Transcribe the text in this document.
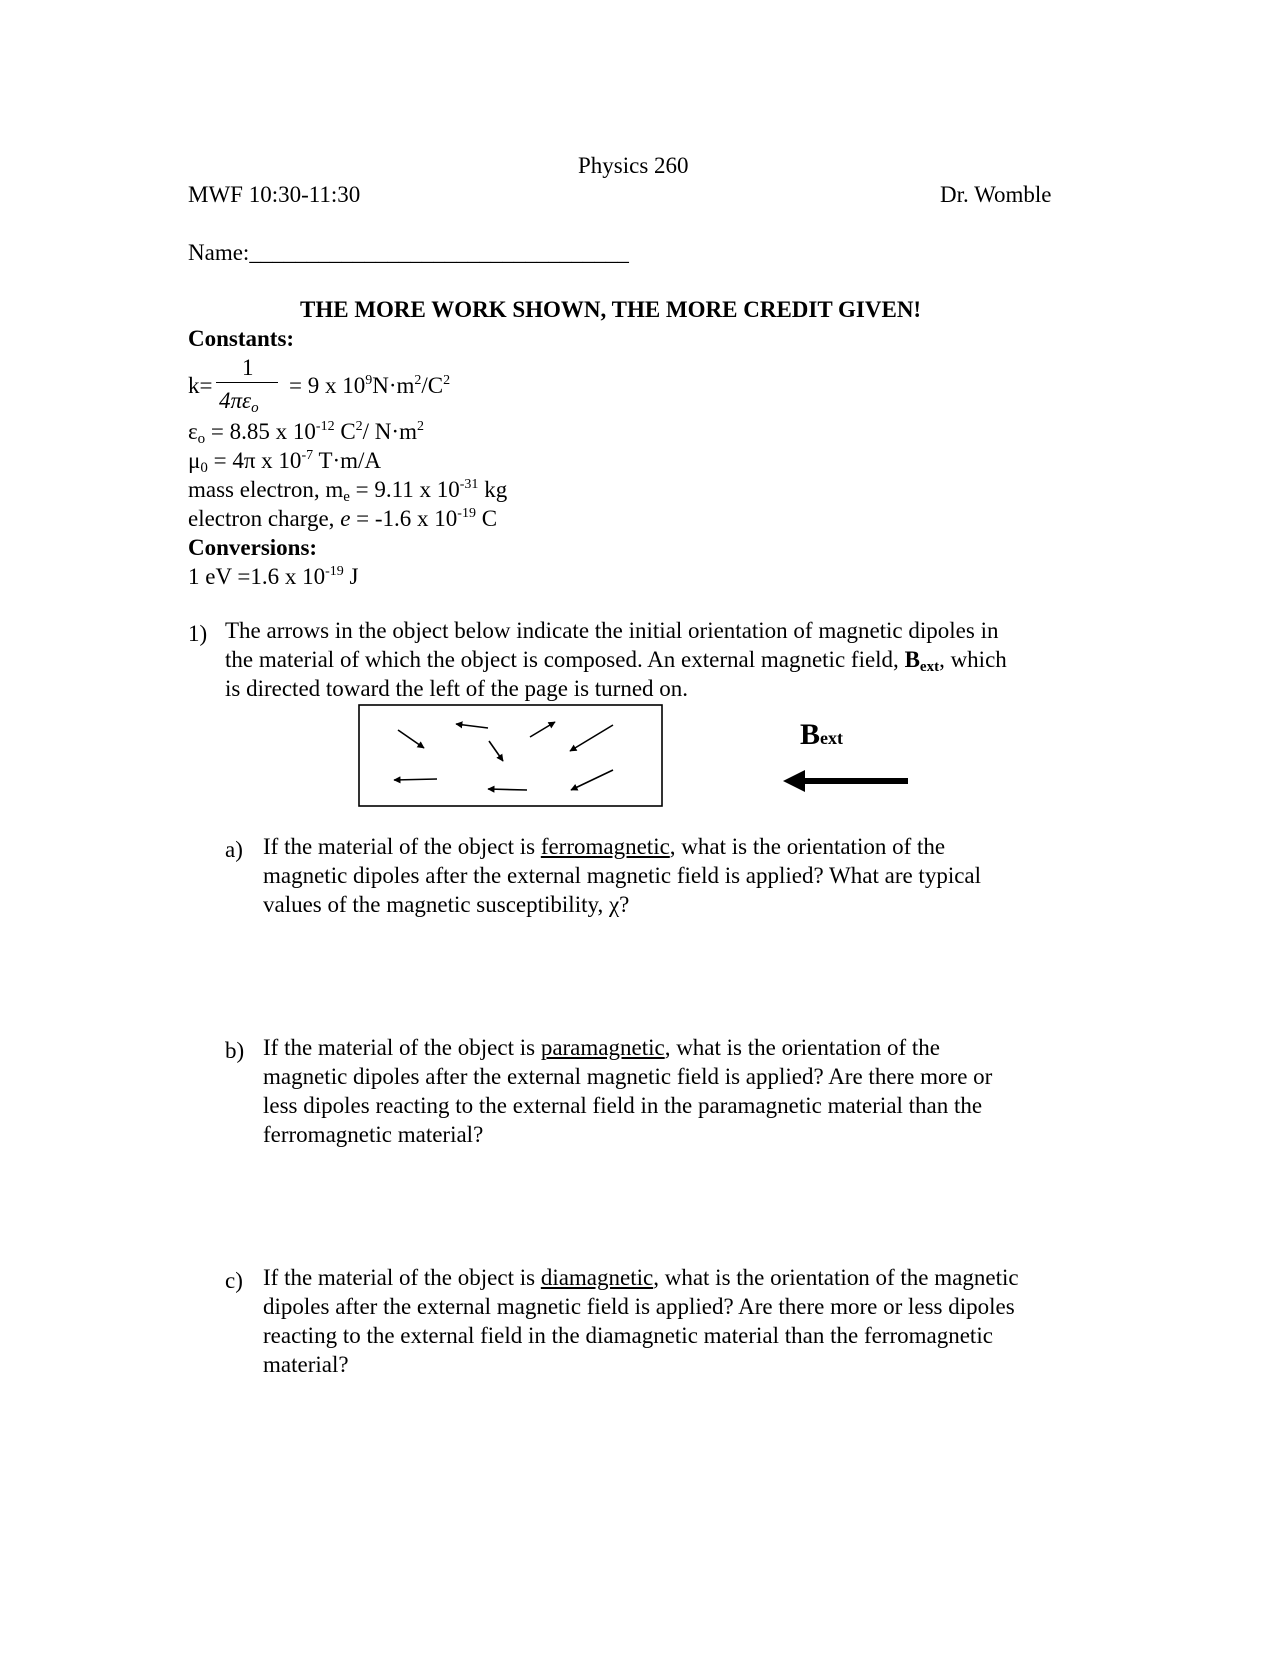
Physics 260
MWF 10:30-11:30	Dr. Womble
Name:_________________________________
THE MORE WORK SHOWN, THE MORE CREDIT GIVEN!
Constants:
k=
1
$4\pi\varepsilon_o$
= 9 x $10^9N\cdot m^2/C^2$
$\varepsilon_o = 8.85$ x $10^{-12}$ $C^2/$ $N\cdot m^2$
$\mu_0 = 4\pi$ x $10^{-7}$ T·m/A
mass electron, $m_e = 9.11$ x $10^{-31}$ kg
electron charge, e = -1.6 x $10^{-19}$ C
Conversions:
1 eV =1.6 x $10^{-19}$ J
1) The arrows in the object below indicate the initial orientation of magnetic dipoles in
the material of which the object is composed. An external magnetic field, $B_{ext}$, which
is directed toward the left of the page is turned on.
Bext
a) If the material of the object is ferromagnetic, what is the orientation of the
magnetic dipoles after the external magnetic field is applied? What are typical
values of the magnetic susceptibility, χ?
b) If the material of the object is paramagnetic, what is the orientation of the
magnetic dipoles after the external magnetic field is applied? Are there more or
less dipoles reacting to the external field in the paramagnetic material than the
ferromagnetic material?
c) If the material of the object is diamagnetic, what is the orientation of the magnetic
dipoles after the external magnetic field is applied? Are there more or less dipoles
reacting to the external field in the diamagnetic material than the ferromagnetic
material?
